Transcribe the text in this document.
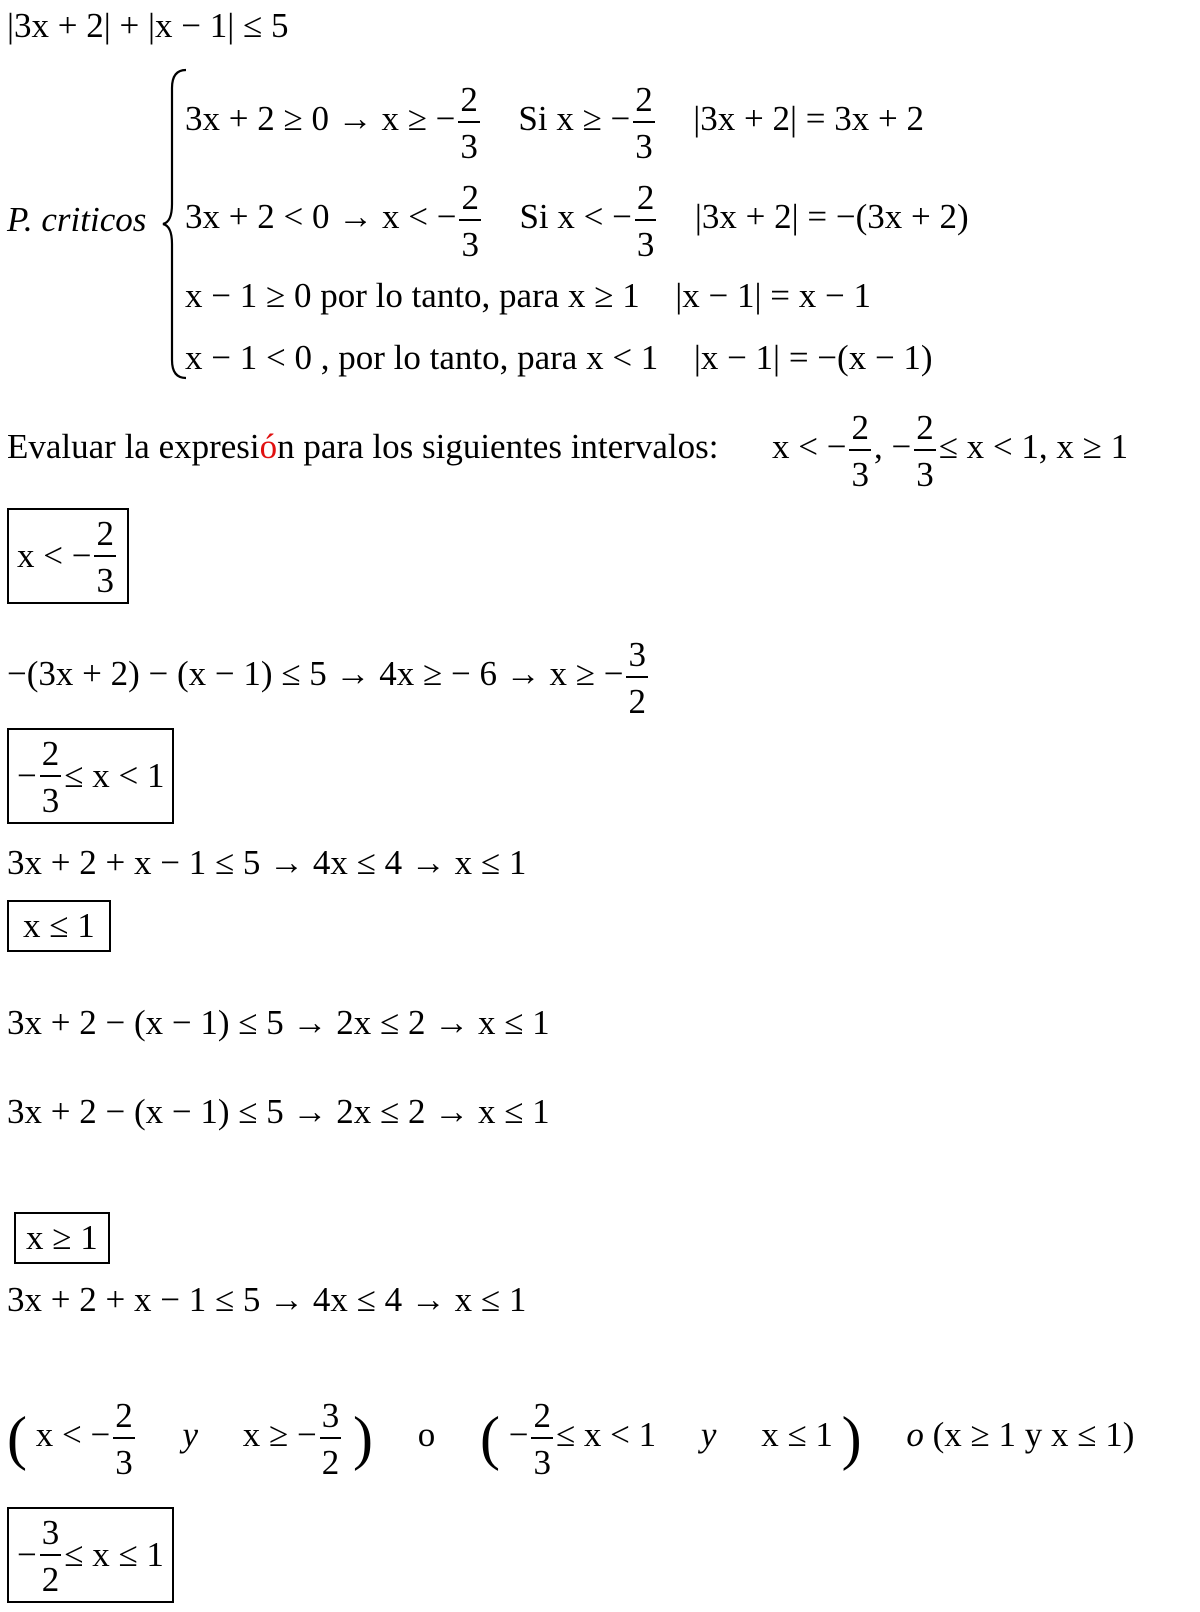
|3x + 2| + |x − 1| ≤ 5
P. criticos
3x + 2 ≥ 0 → x ≥ − $\frac{2}{3}$ Si x ≥ − $\frac{2}{3} |3x + 2| = 3x + 2$
3x + 2 < 0 → x < − $\frac{2}{3}$ Si x < − $\frac{2}{3} |3x + 2| = -(3x + 2)$
x − 1 ≥ 0 por lo tanto, para x ≥ 1 |x − 1| = x − 1
x − 1 < 0 , por lo tanto, para x < 1 |x − 1| = −(x − 1)
Evaluar la expresión para los siguientes intervalos: x < − $\frac{2}{3}$ , − $\frac{2}{3} \le x < 1$, x ≥ 1
x < − $\frac{2}{3}$
−(3x + 2) − (x − 1) ≤ 5 → 4x ≥ − 6 → x ≥ − $\frac{3}{2}$
− $\frac{2}{3} \le x < 1$
3x + 2 + x − 1 ≤ 5 → 4x ≤ 4 → x ≤ 1
x ≤ 1
3x + 2 − (x − 1) ≤ 5 → 2x ≤ 2 → x ≤ 1
3x + 2 − (x − 1) ≤ 5 → 2x ≤ 2 → x ≤ 1
x ≥ 1
3x + 2 + x − 1 ≤ 5 → 4x ≤ 4 → x ≤ 1
( x < − $\frac{2}{3}$ y x ≥ − $\frac{3}{2}$ ) o ( − $\frac{2}{3} \le x < 1$ y x ≤ 1 ) o (x ≥ 1 y x ≤ 1)
− $\frac{3}{2} \le x \le 1$
